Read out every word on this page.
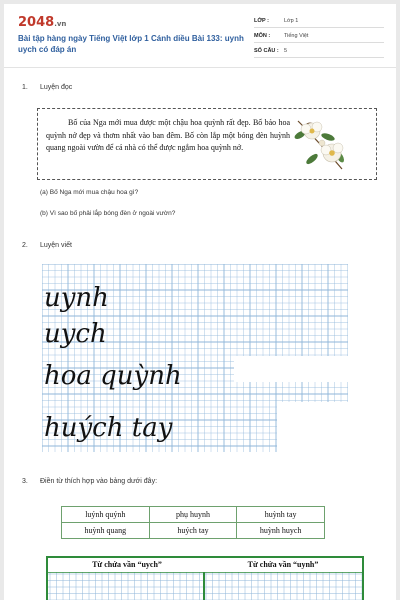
2048.vn
Bài tập hàng ngày Tiếng Việt lớp 1 Cánh diều Bài 133: uynh uych có đáp án
LỚP :	Lớp 1
MÔN :	Tiếng Việt
SỐ CÂU : 5
1. Luyện đọc
Bố của Nga mới mua được một chậu hoa quỳnh rất đẹp. Bố bảo hoa quỳnh nở đẹp và thơm nhất vào ban đêm. Bố còn lắp một bóng đèn huỳnh quang ngoài vườn để cả nhà có thể được ngắm hoa quỳnh nở.
(a) Bố Nga mới mua chậu hoa gì?
(b) Vì sao bố phải lắp bóng đèn ở ngoài vườn?
2. Luyện viết
uynh
uych
hoa quỳnh
huých tay
3. Điền từ thích hợp vào bảng dưới đây:
luýnh quýnh	phụ huynh	huỳnh tay
huỳnh quang	huých tay	huỳnh huych
Từ chứa vần “uych”	Từ chứa vần “uynh”
